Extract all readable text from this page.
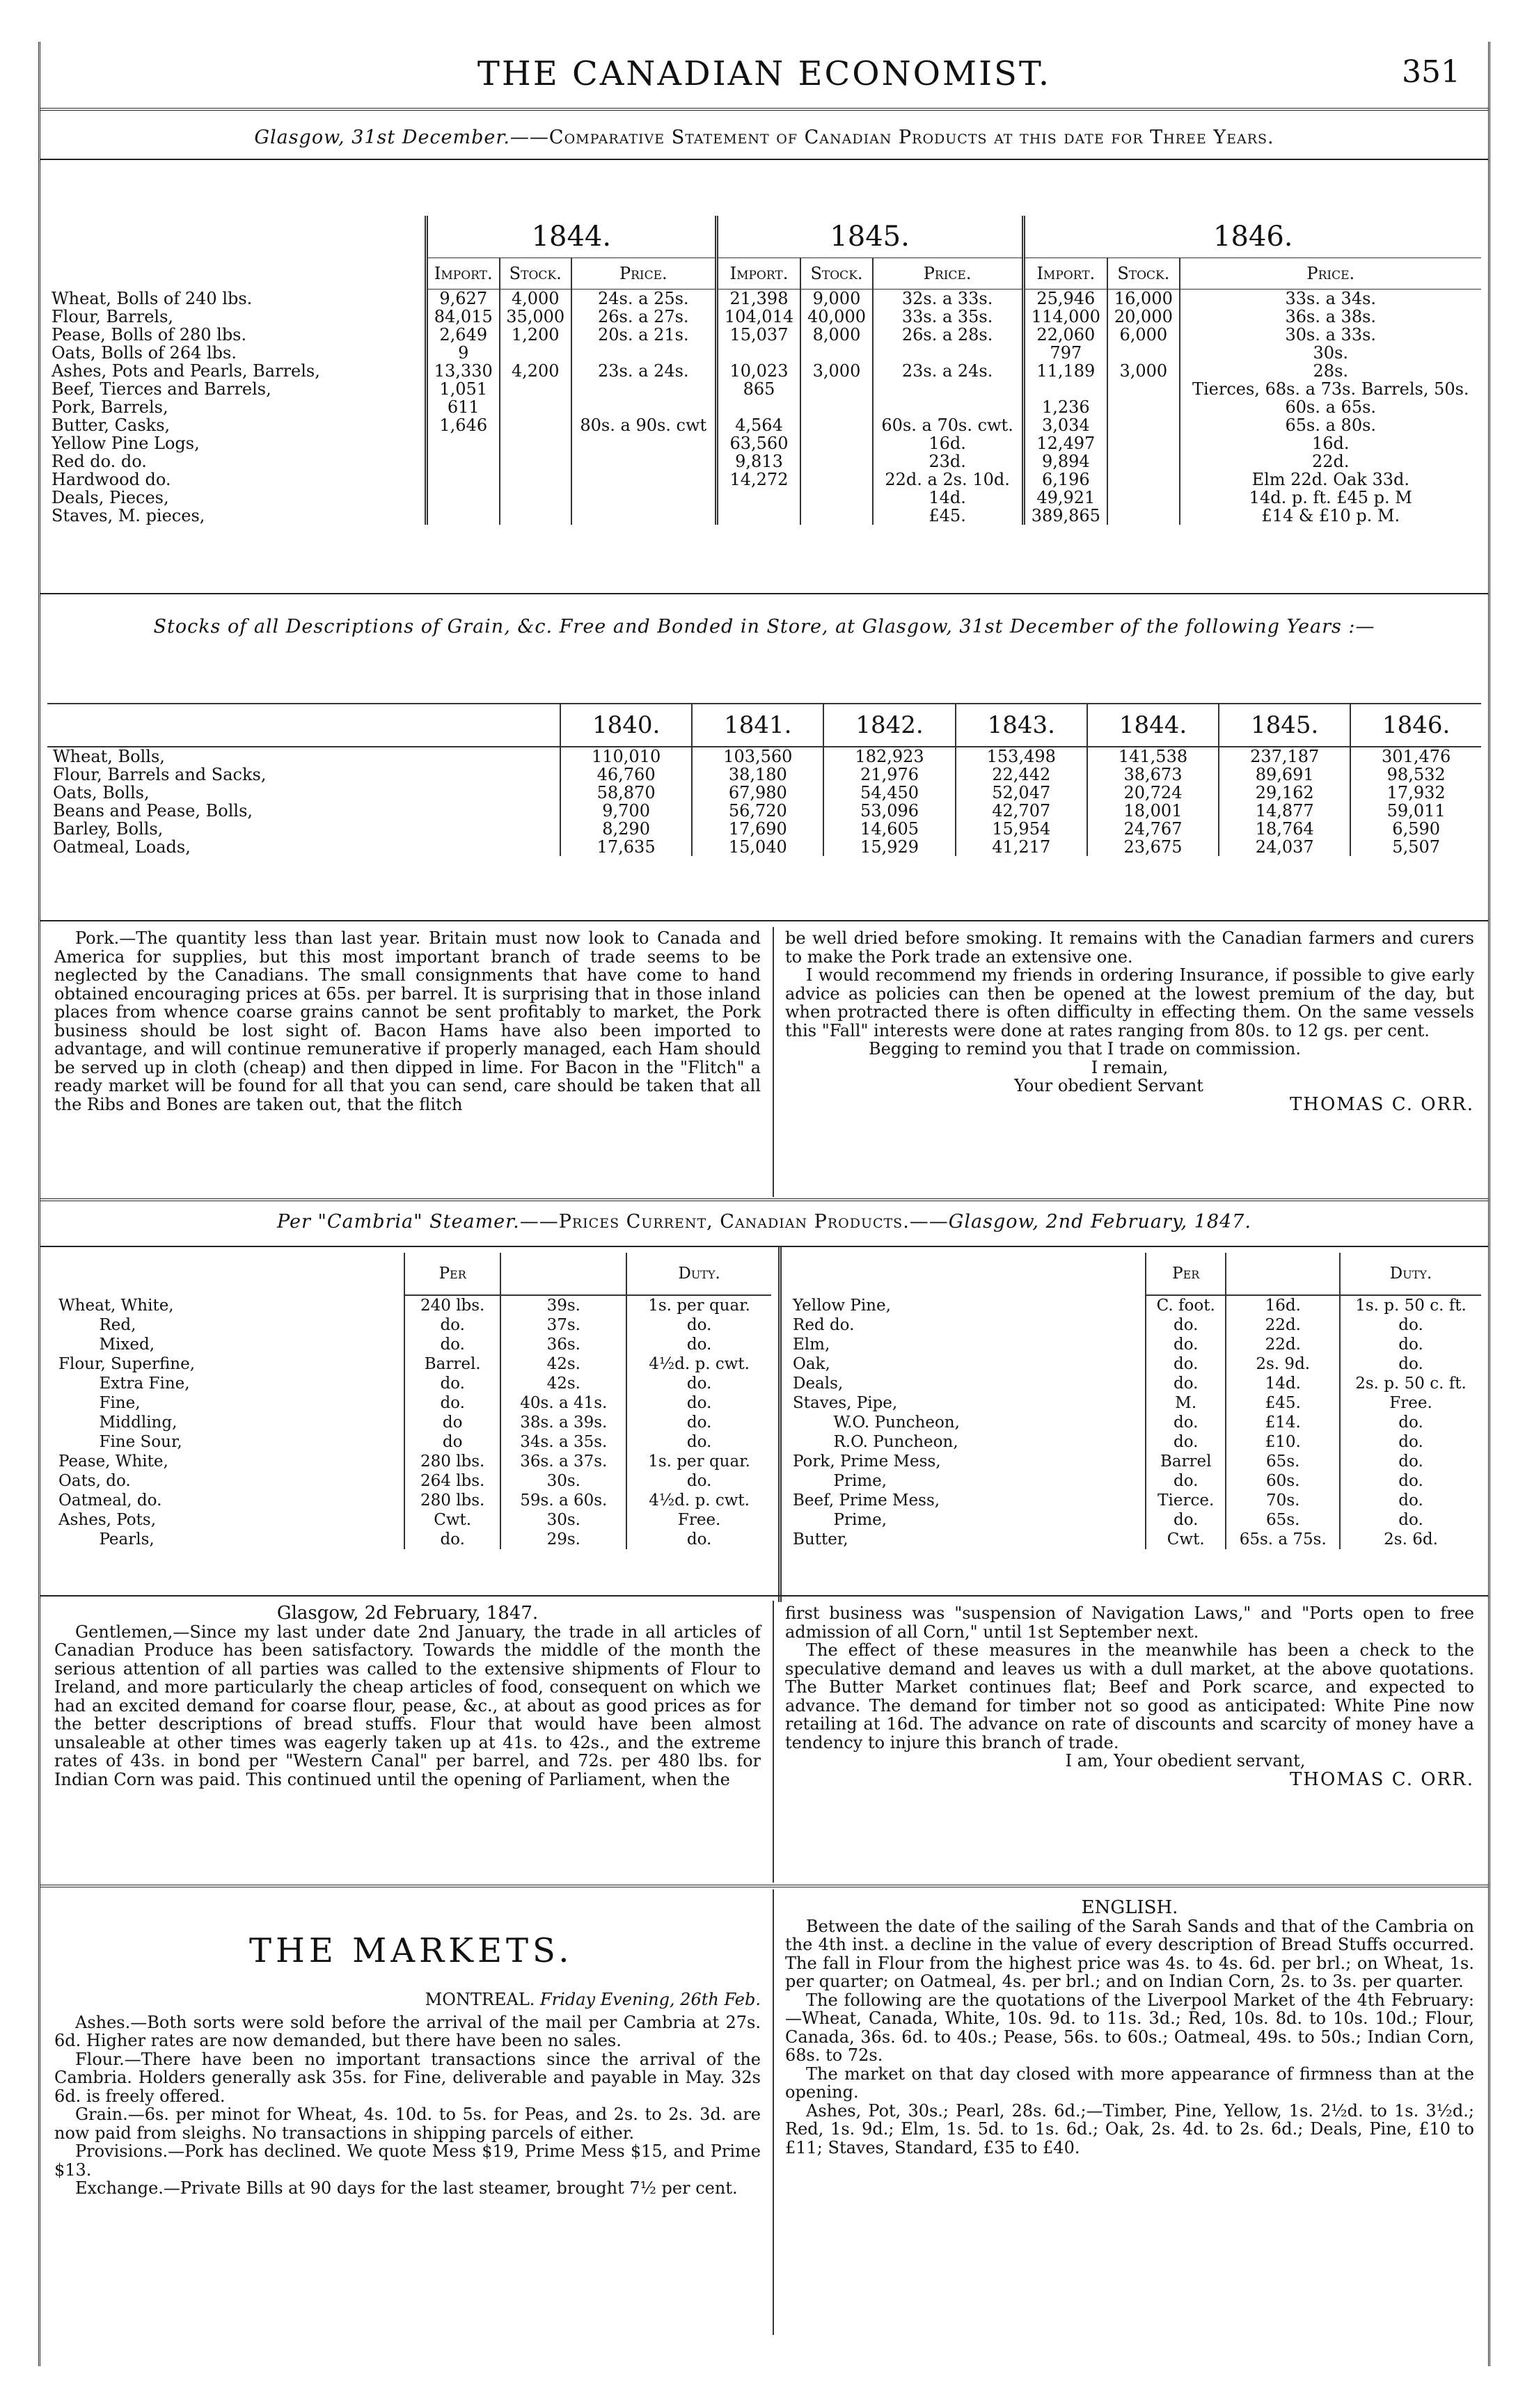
THE CANADIAN ECONOMIST.	351
Glasgow, 31st December.——Comparative Statement of Canadian Products at this date for Three Years.
	1844.			1845.			1846.		
	Import.	Stock.	Price.	Import.	Stock.	Price.	Import.	Stock.	Price.
Wheat, Bolls of 240 lbs.	9,627	4,000	24s. a 25s.	21,398	9,000	32s. a 33s.	25,946	16,000	33s. a 34s.
Flour, Barrels,	84,015	35,000	26s. a 27s.	104,014	40,000	33s. a 35s.	114,000	20,000	36s. a 38s.
Pease, Bolls of 280 lbs.	2,649	1,200	20s. a 21s.	15,037	8,000	26s. a 28s.	22,060	6,000	30s. a 33s.
Oats, Bolls of 264 lbs.	9						797		30s.
Ashes, Pots and Pearls, Barrels,	13,330	4,200	23s. a 24s.	10,023	3,000	23s. a 24s.	11,189	3,000	28s.
Beef, Tierces and Barrels,	1,051			865					Tierces, 68s. a 73s. Barrels, 50s.
Pork, Barrels,	611						1,236		60s. a 65s.
Butter, Casks,	1,646		80s. a 90s. cwt	4,564		60s. a 70s. cwt.	3,034		65s. a 80s.
Yellow Pine Logs,				63,560		16d.	12,497		16d.
Red do. do.				9,813		23d.	9,894		22d.
Hardwood do.				14,272		22d. a 2s. 10d.	6,196		Elm 22d. Oak 33d.
Deals, Pieces,						14d.	49,921		14d. p. ft. £45 p. M
Staves, M. pieces,						£45.	389,865		£14 & £10 p. M.
Stocks of all Descriptions of Grain, &c. Free and Bonded in Store, at Glasgow, 31st December of the following Years :—
	1840.	1841.	1842.	1843.	1844.	1845.	1846.
Wheat, Bolls,	110,010	103,560	182,923	153,498	141,538	237,187	301,476
Flour, Barrels and Sacks,	46,760	38,180	21,976	22,442	38,673	89,691	98,532
Oats, Bolls,	58,870	67,980	54,450	52,047	20,724	29,162	17,932
Beans and Pease, Bolls,	9,700	56,720	53,096	42,707	18,001	14,877	59,011
Barley, Bolls,	8,290	17,690	14,605	15,954	24,767	18,764	6,590
Oatmeal, Loads,	17,635	15,040	15,929	41,217	23,675	24,037	5,507

Pork.—The quantity less than last year. Britain must now look to Canada and America for supplies, but this most important branch of trade seems to be neglected by the Canadians. The small consignments that have come to hand obtained encouraging prices at 65s. per barrel. It is surprising that in those inland places from whence coarse grains cannot be sent profitably to market, the Pork business should be lost sight of. Bacon Hams have also been imported to advantage, and will continue remunerative if properly managed, each Ham should be served up in cloth (cheap) and then dipped in lime. For Bacon in the "Flitch" a ready market will be found for all that you can send, care should be taken that all the Ribs and Bones are taken out, that the flitch

be well dried before smoking. It remains with the Canadian farmers and curers to make the Pork trade an extensive one.

I would recommend my friends in ordering Insurance, if possible to give early advice as policies can then be opened at the lowest premium of the day, but when protracted there is often difficulty in effecting them. On the same vessels this "Fall" interests were done at rates ranging from 80s. to 12 gs. per cent.

Begging to remind you that I trade on commission.

I remain,
Your obedient Servant
THOMAS C. ORR.
Per "Cambria" Steamer.——Prices Current, Canadian Products.——Glasgow, 2nd February, 1847.
	Per		Duty.
Wheat, White,	240 lbs.	39s.	1s. per quar.
Red,	do.	37s.	do.
Mixed,	do.	36s.	do.
Flour, Superfine,	Barrel.	42s.	4½d. p. cwt.
Extra Fine,	do.	42s.	do.
Fine,	do.	40s. a 41s.	do.
Middling,	do	38s. a 39s.	do.
Fine Sour,	do	34s. a 35s.	do.
Pease, White,	280 lbs.	36s. a 37s.	1s. per quar.
Oats, do.	264 lbs.	30s.	do.
Oatmeal, do.	280 lbs.	59s. a 60s.	4½d. p. cwt.
Ashes, Pots,	Cwt.	30s.	Free.
Pearls,	do.	29s.	do.
	Per		Duty.
Yellow Pine,	C. foot.	16d.	1s. p. 50 c. ft.
Red do.	do.	22d.	do.
Elm,	do.	22d.	do.
Oak,	do.	2s. 9d.	do.
Deals,	do.	14d.	2s. p. 50 c. ft.
Staves, Pipe,	M.	£45.	Free.
W.O. Puncheon,	do.	£14.	do.
R.O. Puncheon,	do.	£10.	do.
Pork, Prime Mess,	Barrel	65s.	do.
Prime,	do.	60s.	do.
Beef, Prime Mess,	Tierce.	70s.	do.
Prime,	do.	65s.	do.
Butter,	Cwt.	65s. a 75s.	2s. 6d.
Glasgow, 2d February, 1847.

Gentlemen,—Since my last under date 2nd January, the trade in all articles of Canadian Produce has been satisfactory. Towards the middle of the month the serious attention of all parties was called to the extensive shipments of Flour to Ireland, and more particularly the cheap articles of food, consequent on which we had an excited demand for coarse flour, pease, &c., at about as good prices as for the better descriptions of bread stuffs. Flour that would have been almost unsaleable at other times was eagerly taken up at 41s. to 42s., and the extreme rates of 43s. in bond per "Western Canal" per barrel, and 72s. per 480 lbs. for Indian Corn was paid. This continued until the opening of Parliament, when the

first business was "suspension of Navigation Laws," and "Ports open to free admission of all Corn," until 1st September next.

The effect of these measures in the meanwhile has been a check to the speculative demand and leaves us with a dull market, at the above quotations. The Butter Market continues flat; Beef and Pork scarce, and expected to advance. The demand for timber not so good as anticipated: White Pine now retailing at 16d. The advance on rate of discounts and scarcity of money have a tendency to injure this branch of trade.

I am, Your obedient servant,
THOMAS C. ORR.
THE MARKETS.
MONTREAL. Friday Evening, 26th Feb.

Ashes.—Both sorts were sold before the arrival of the mail per Cambria at 27s. 6d. Higher rates are now demanded, but there have been no sales.

Flour.—There have been no important transactions since the arrival of the Cambria. Holders generally ask 35s. for Fine, deliverable and payable in May. 32s 6d. is freely offered.

Grain.—6s. per minot for Wheat, 4s. 10d. to 5s. for Peas, and 2s. to 2s. 3d. are now paid from sleighs. No transactions in shipping parcels of either.

Provisions.—Pork has declined. We quote Mess $19, Prime Mess $15, and Prime $13.

Exchange.—Private Bills at 90 days for the last steamer, brought 7½ per cent.

ENGLISH.

Between the date of the sailing of the Sarah Sands and that of the Cambria on the 4th inst. a decline in the value of every description of Bread Stuffs occurred. The fall in Flour from the highest price was 4s. to 4s. 6d. per brl.; on Wheat, 1s. per quarter; on Oatmeal, 4s. per brl.; and on Indian Corn, 2s. to 3s. per quarter.

The following are the quotations of the Liverpool Market of the 4th February:—Wheat, Canada, White, 10s. 9d. to 11s. 3d.; Red, 10s. 8d. to 10s. 10d.; Flour, Canada, 36s. 6d. to 40s.; Pease, 56s. to 60s.; Oatmeal, 49s. to 50s.; Indian Corn, 68s. to 72s.

The market on that day closed with more appearance of firmness than at the opening.

Ashes, Pot, 30s.; Pearl, 28s. 6d.;—Timber, Pine, Yellow, 1s. 2½d. to 1s. 3½d.; Red, 1s. 9d.; Elm, 1s. 5d. to 1s. 6d.; Oak, 2s. 4d. to 2s. 6d.; Deals, Pine, £10 to £11; Staves, Standard, £35 to £40.
